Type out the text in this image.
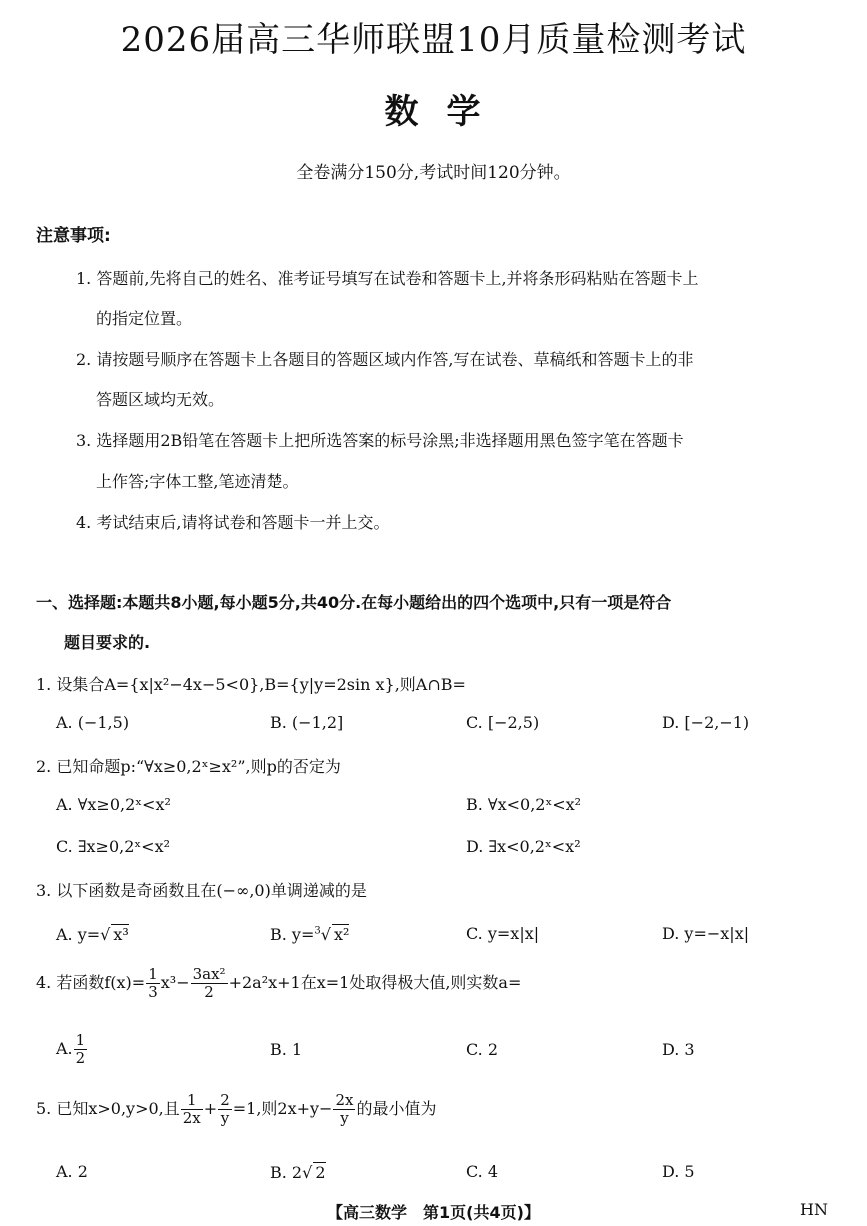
2026届高三华师联盟10月质量检测考试
数学
全卷满分150分,考试时间120分钟。
注意事项:
1. 答题前,先将自己的姓名、准考证号填写在试卷和答题卡上,并将条形码粘贴在答题卡上
的指定位置。
2. 请按题号顺序在答题卡上各题目的答题区域内作答,写在试卷、草稿纸和答题卡上的非
答题区域均无效。
3. 选择题用2B铅笔在答题卡上把所选答案的标号涂黑;非选择题用黑色签字笔在答题卡
上作答;字体工整,笔迹清楚。
4. 考试结束后,请将试卷和答题卡一并上交。
一、选择题:本题共8小题,每小题5分,共40分.在每小题给出的四个选项中,只有一项是符合
题目要求的.
1. 设集合A={x|x²−4x−5<0},B={y|y=2sin x},则A∩B=
A. (−1,5)	B. (−1,2]	C. [−2,5)	D. [−2,−1)
2. 已知命题p:“∀x≥0,2ˣ≥x²”,则p的否定为
A. ∀x≥0,2ˣ<x²	B. ∀x<0,2ˣ<x²
C. ∃x≥0,2ˣ<x²	D. ∃x<0,2ˣ<x²
3. 以下函数是奇函数且在(−∞,0)单调递减的是
A. y=√ x³	B. y=$^3$√ x²	C. y=x|x|	D. y=−x|x|
4. 若函数$f(x)= \frac{1}{3} x^3- \frac{\text{3ax²}}{2} +2a^2x+1$在x=1处取得极大值,则实数a=
A. $\frac{1}{2}$	B. 1	C. 2	D. 3
5. 已知x>0,y>0,且 $\frac{1}{2x} + \frac{2}{y} =1$,则$2x+y- \frac{2x}{y}$ 的最小值为
A. 2	B. 2√ 2	C. 4	D. 5
【高三数学　第1页(共4页)】	HN
